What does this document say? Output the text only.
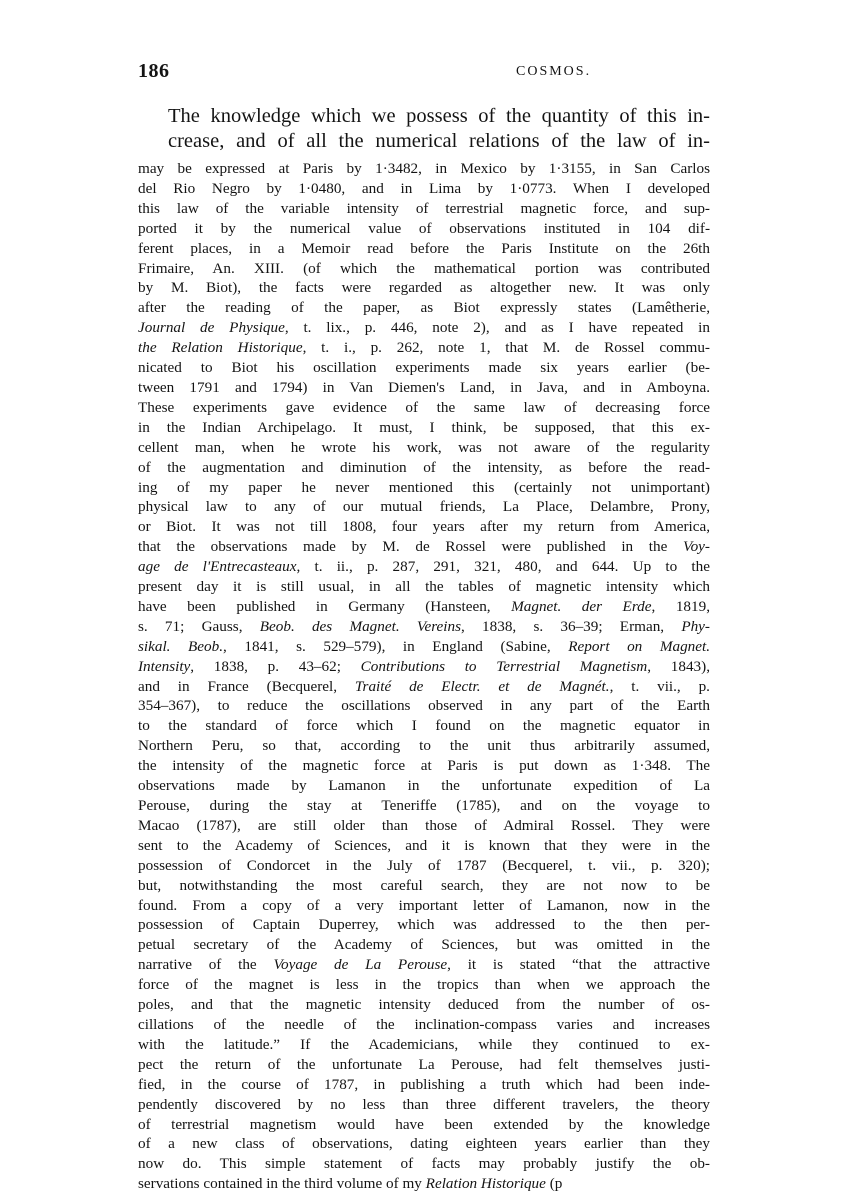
186	COSMOS.

The knowledge which we possess of the quantity of this in-
crease, and of all the numerical relations of the law of in-

may be expressed at Paris by 1·3482, in Mexico by 1·3155, in San Carlos
del Rio Negro by 1·0480, and in Lima by 1·0773. When I developed
this law of the variable intensity of terrestrial magnetic force, and sup-
ported it by the numerical value of observations instituted in 104 dif-
ferent places, in a Memoir read before the Paris Institute on the 26th
Frimaire, An. XIII. (of which the mathematical portion was contributed
by M. Biot), the facts were regarded as altogether new. It was only
after the reading of the paper, as Biot expressly states (Lamêtherie,
Journal de Physique, t. lix., p. 446, note 2), and as I have repeated in
the Relation Historique, t. i., p. 262, note 1, that M. de Rossel commu-
nicated to Biot his oscillation experiments made six years earlier (be-
tween 1791 and 1794) in Van Diemen's Land, in Java, and in Amboyna.
These experiments gave evidence of the same law of decreasing force
in the Indian Archipelago. It must, I think, be supposed, that this ex-
cellent man, when he wrote his work, was not aware of the regularity
of the augmentation and diminution of the intensity, as before the read-
ing of my paper he never mentioned this (certainly not unimportant)
physical law to any of our mutual friends, La Place, Delambre, Prony,
or Biot. It was not till 1808, four years after my return from America,
that the observations made by M. de Rossel were published in the Voy-
age de l'Entrecasteaux, t. ii., p. 287, 291, 321, 480, and 644. Up to the
present day it is still usual, in all the tables of magnetic intensity which
have been published in Germany (Hansteen, Magnet. der Erde, 1819,
s. 71; Gauss, Beob. des Magnet. Vereins, 1838, s. 36–39; Erman, Phy-
sikal. Beob., 1841, s. 529–579), in England (Sabine, Report on Magnet.
Intensity, 1838, p. 43–62; Contributions to Terrestrial Magnetism, 1843),
and in France (Becquerel, Traité de Electr. et de Magnét., t. vii., p.
354–367), to reduce the oscillations observed in any part of the Earth
to the standard of force which I found on the magnetic equator in
Northern Peru, so that, according to the unit thus arbitrarily assumed,
the intensity of the magnetic force at Paris is put down as 1·348. The
observations made by Lamanon in the unfortunate expedition of La
Perouse, during the stay at Teneriffe (1785), and on the voyage to
Macao (1787), are still older than those of Admiral Rossel. They were
sent to the Academy of Sciences, and it is known that they were in the
possession of Condorcet in the July of 1787 (Becquerel, t. vii., p. 320);
but, notwithstanding the most careful search, they are not now to be
found. From a copy of a very important letter of Lamanon, now in the
possession of Captain Duperrey, which was addressed to the then per-
petual secretary of the Academy of Sciences, but was omitted in the
narrative of the Voyage de La Perouse, it is stated “that the attractive
force of the magnet is less in the tropics than when we approach the
poles, and that the magnetic intensity deduced from the number of os-
cillations of the needle of the inclination-compass varies and increases
with the latitude.” If the Academicians, while they continued to ex-
pect the return of the unfortunate La Perouse, had felt themselves justi-
fied, in the course of 1787, in publishing a truth which had been inde-
pendently discovered by no less than three different travelers, the theory
of terrestrial magnetism would have been extended by the knowledge
of a new class of observations, dating eighteen years earlier than they
now do. This simple statement of facts may probably justify the ob-
servations contained in the third volume of my Relation Historique (p
